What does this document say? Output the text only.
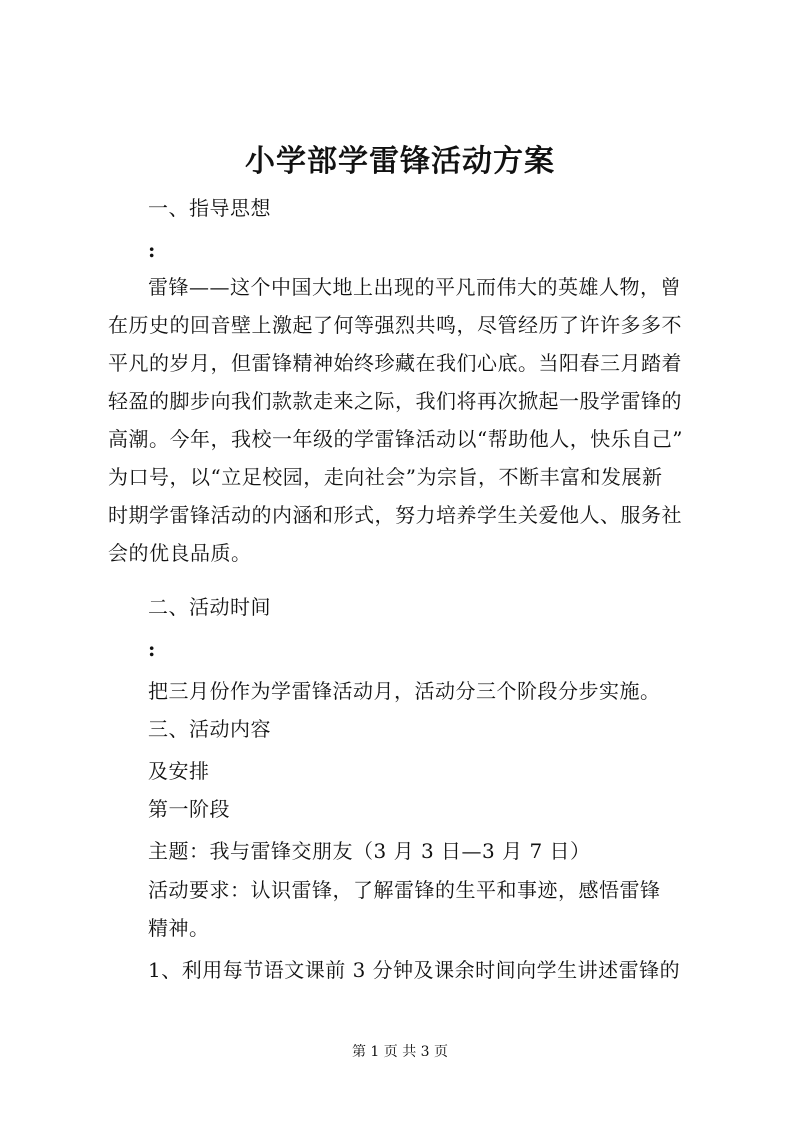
小学部学雷锋活动方案
一、指导思想
:
雷锋——这个中国大地上出现的平凡而伟大的英雄人物，曾
在历史的回音壁上激起了何等强烈共鸣，尽管经历了许许多多不
平凡的岁月，但雷锋精神始终珍藏在我们心底。当阳春三月踏着
轻盈的脚步向我们款款走来之际，我们将再次掀起一股学雷锋的
高潮。今年，我校一年级的学雷锋活动以“帮助他人，快乐自己”
为口号，以“立足校园，走向社会”为宗旨，不断丰富和发展新
时期学雷锋活动的内涵和形式，努力培养学生关爱他人、服务社
会的优良品质。
二、活动时间
:
把三月份作为学雷锋活动月，活动分三个阶段分步实施。
三、活动内容
及安排
第一阶段
主题：我与雷锋交朋友（3 月 3 日—3 月 7 日）
活动要求：认识雷锋，了解雷锋的生平和事迹，感悟雷锋
精神。
1、利用每节语文课前 3 分钟及课余时间向学生讲述雷锋的
第 1 页 共 3 页
